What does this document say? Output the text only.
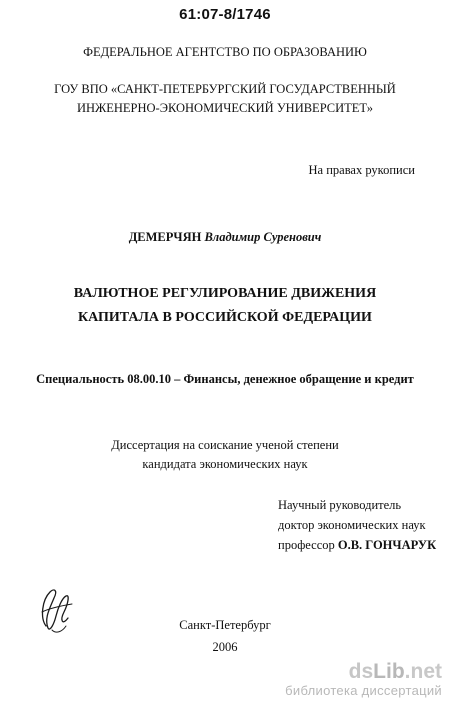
61:07-8/1746
ФЕДЕРАЛЬНОЕ АГЕНТСТВО ПО ОБРАЗОВАНИЮ
ГОУ ВПО «САНКТ-ПЕТЕРБУРГСКИЙ ГОСУДАРСТВЕННЫЙ
ИНЖЕНЕРНО-ЭКОНОМИЧЕСКИЙ УНИВЕРСИТЕТ»
На правах рукописи
ДЕМЕРЧЯН Владимир Суренович
ВАЛЮТНОЕ РЕГУЛИРОВАНИЕ ДВИЖЕНИЯ
КАПИТАЛА В РОССИЙСКОЙ ФЕДЕРАЦИИ
Специальность 08.00.10 – Финансы, денежное обращение и кредит
Диссертация на соискание ученой степени
кандидата экономических наук
Научный руководитель
доктор экономических наук
профессор О.В. ГОНЧАРУК
Санкт-Петербург
2006
dsLib.net
библиотека диссертаций
